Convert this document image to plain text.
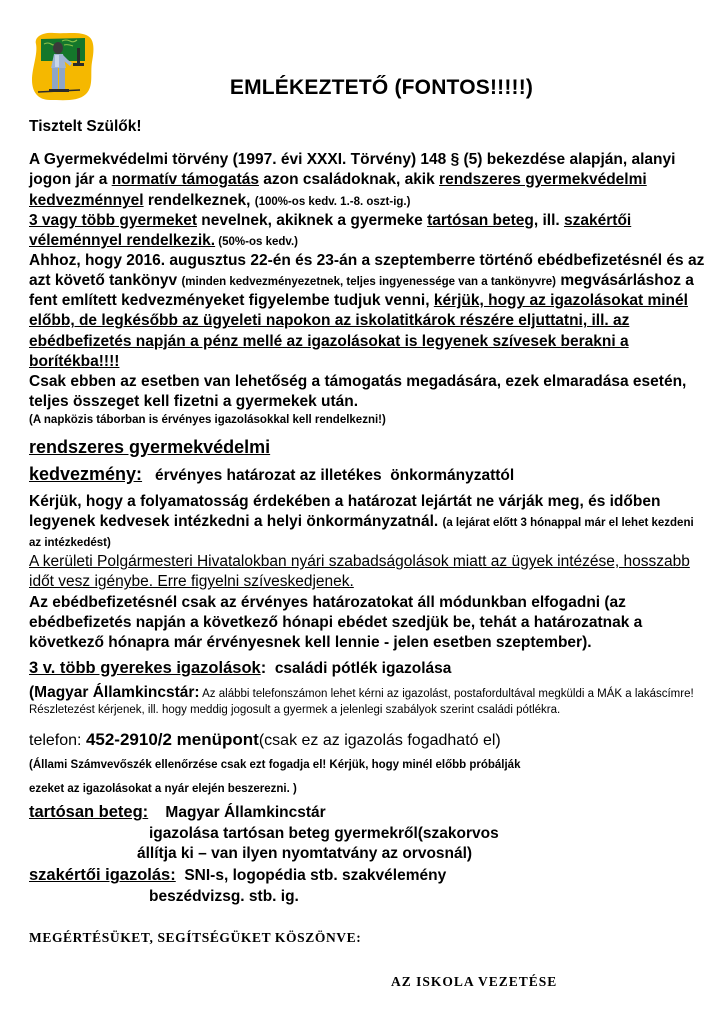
EMLÉKEZTETŐ (FONTOS!!!!!)
Tisztelt Szülők!

A Gyermekvédelmi törvény (1997. évi XXXI. Törvény) 148 § (5) bekezdése alapján, alanyi jogon jár a normatív támogatás azon családoknak, akik rendszeres gyermekvédelmi kedvezménnyel rendelkeznek, (100%-os kedv. 1.-8. oszt-ig.)

3 vagy több gyermeket nevelnek, akiknek a gyermeke tartósan beteg, ill. szakértői véleménnyel rendelkezik. (50%-os kedv.)

Ahhoz, hogy 2016. augusztus 22-én és 23-án a szeptemberre történő ebédbefizetésnél és az azt követő tankönyv (minden kedvezményezetnek, teljes ingyenessége van a tankönyvre) megvásárláshoz a fent említett kedvezményeket figyelembe tudjuk venni, kérjük, hogy az igazolásokat minél előbb, de legkésőbb az ügyeleti napokon az iskolatitkárok részére eljuttatni, ill. az ebédbefizetés napján a pénz mellé az igazolásokat is legyenek szívesek berakni a borítékba!!!!

Csak ebben az esetben van lehetőség a támogatás megadására, ezek elmaradása esetén, teljes összeget kell fizetni a gyermekek után.

(A napközis táborban is érvényes igazolásokkal kell rendelkezni!)
rendszeres gyermekvédelmi
kedvezmény:   érvényes határozat az illetékes  önkormányzattól

Kérjük, hogy a folyamatosság érdekében a határozat lejártát ne várják meg, és időben legyenek kedvesek intézkedni a helyi önkormányzatnál. (a lejárat előtt 3 hónappal már el lehet kezdeni az intézkedést)

A kerületi Polgármesteri Hivatalokban nyári szabadságolások miatt az ügyek intézése, hosszabb időt vesz igénybe. Erre figyelni szíveskedjenek.

Az ebédbefizetésnél csak az érvényes határozatokat áll módunkban elfogadni (az ebédbefizetés napján a következő hónapi ebédet szedjük be, tehát a határozatnak a következő hónapra már érvényesnek kell lennie - jelen esetben szeptember).

3 v. több gyerekes igazolások:  családi pótlék igazolása

(Magyar Államkincstár: Az alábbi telefonszámon lehet kérni az igazolást, postafordultával megküldi a MÁK a lakáscímre! Részletezést kérjenek, ill. hogy meddig jogosult a gyermek a jelenlegi szabályok szerint családi pótlékra.

telefon: 452-2910/2 menüpont(csak ez az igazolás fogadható el)
(Állami Számvevőszék ellenőrzése csak ezt fogadja el! Kérjük, hogy minél előbb próbálják
ezeket az igazolásokat a nyár elején beszerezni. )
tartósan beteg:    Magyar Államkincstár
igazolása tartósan beteg gyermekről(szakorvos
állítja ki – van ilyen nyomtatvány az orvosnál)
szakértői igazolás:  SNI-s, logopédia stb. szakvélemény
beszédvizsg. stb. ig.

MEGÉRTÉSÜKET, SEGÍTSÉGÜKET KÖSZÖNVE:

AZ ISKOLA VEZETÉSE
